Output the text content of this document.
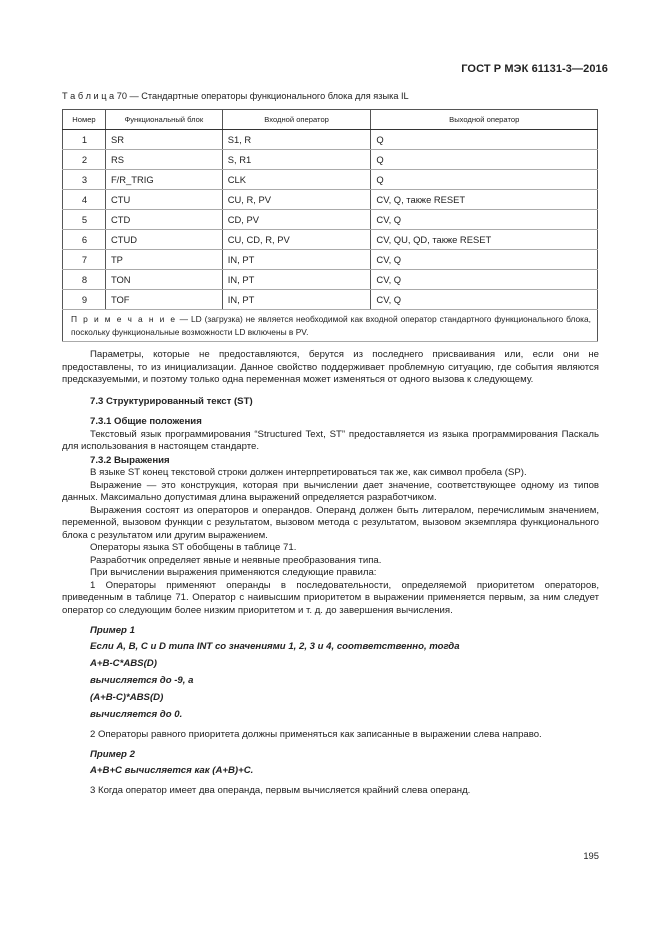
ГОСТ Р МЭК 61131-3—2016
Т а б л и ц а 70 — Стандартные операторы функционального блока для языка IL
Номер	Функциональный блок	Входной оператор	Выходной оператор
1	SR	S1, R	Q
2	RS	S, R1	Q
3	F/R_TRIG	CLK	Q
4	CTU	CU, R, PV	CV, Q, также RESET
5	CTD	CD, PV	CV, Q
6	CTUD	CU, CD, R, PV	CV, QU, QD, также RESET
7	TP	IN, PT	CV, Q
8	TON	IN, PT	CV, Q
9	TOF	IN, PT	CV, Q
П р и м е ч а н и е — LD (загрузка) не является необходимой как входной оператор стандартного функционального блока, поскольку функциональные возможности LD включены в PV.			

Параметры, которые не предоставляются, берутся из последнего присваивания или, если они не предоставлены, то из инициализации. Данное свойство поддерживает проблемную ситуацию, где события являются предсказуемыми, и поэтому только одна переменная может изменяться от одного вызова к следующему.

7.3 Структурированный текст (ST)

7.3.1 Общие положения

Текстовый язык программирования “Structured Text, ST” предоставляется из языка программирования Паскаль для использования в настоящем стандарте.

7.3.2 Выражения

В языке ST конец текстовой строки должен интерпретироваться так же, как символ пробела (SP).

Выражение — это конструкция, которая при вычислении дает значение, соответствующее одному из типов данных. Максимально допустимая длина выражений определяется разработчиком.

Выражения состоят из операторов и операндов. Операнд должен быть литералом, перечислимым значением, переменной, вызовом функции с результатом, вызовом метода с результатом, вызовом экземпляра функционального блока с результатом или другим выражением.

Операторы языка ST обобщены в таблице 71.

Разработчик определяет явные и неявные преобразования типа.

При вычислении выражения применяются следующие правила:

1 Операторы применяют операнды в последовательности, определяемой приоритетом операторов, приведенным в таблице 71. Оператор с наивысшим приоритетом в выражении применяется первым, за ним следует оператор со следующим более низким приоритетом и т. д. до завершения вычисления.

Пример 1

Если A, B, C и D типа INT со значениями 1, 2, 3 и 4, соответственно, тогда

A+B-C*ABS(D)

вычисляется до -9, а

(A+B-C)*ABS(D)

вычисляется до 0.

2 Операторы равного приоритета должны применяться как записанные в выражении слева направо.

Пример 2

A+B+C вычисляется как (A+B)+C.

3 Когда оператор имеет два операнда, первым вычисляется крайний слева операнд.

195
